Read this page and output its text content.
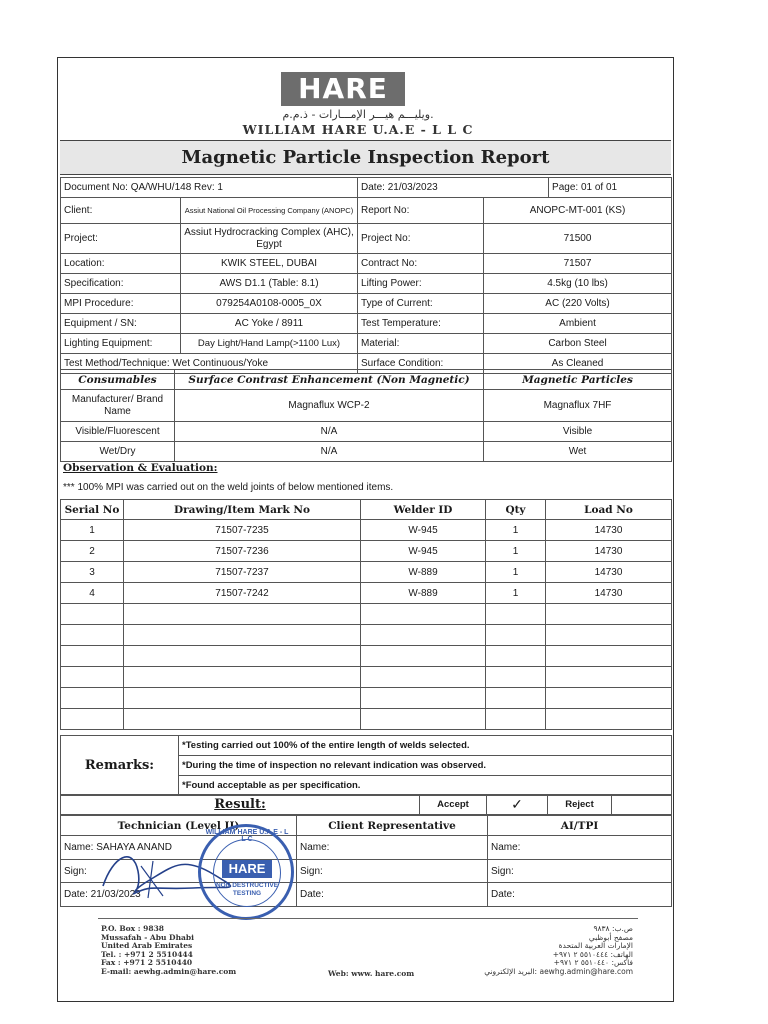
HARE
ويليـــم هيـــر الإمـــارات - ذ.م.م.
WILLIAM HARE U.A.E - L L C
Magnetic Particle Inspection Report
Document No: QA/WHU/148 Rev: 1		Date: 21/03/2023		Page: 01 of 01
Client:	Assiut National Oil Processing Company (ANOPC)	Report No:	ANOPC-MT-001 (KS)	
Project:	Assiut Hydrocracking Complex (AHC), Egypt	Project No:	71500	
Location:	KWIK STEEL, DUBAI	Contract No:	71507	
Specification:	AWS D1.1 (Table: 8.1)	Lifting Power:	4.5kg (10 lbs)	
MPI Procedure:	079254A0108-0005_0X	Type of Current:	AC (220 Volts)	
Equipment / SN:	AC Yoke / 8911	Test Temperature:	Ambient	
Lighting Equipment:	Day Light/Hand Lamp(>1100 Lux)	Material:	Carbon Steel	
Test Method/Technique: Wet Continuous/Yoke		Surface Condition:	As Cleaned	
Consumables	Surface Contrast Enhancement (Non Magnetic)	Magnetic Particles
Manufacturer/ Brand Name	Magnaflux WCP-2	Magnaflux 7HF
Visible/Fluorescent	N/A	Visible
Wet/Dry	N/A	Wet
Observation & Evaluation:
*** 100% MPI was carried out on the weld joints of below mentioned items.
Serial No	Drawing/Item Mark No	Welder ID	Qty	Load No
1	71507-7235	W-945	1	14730
2	71507-7236	W-945	1	14730
3	71507-7237	W-889	1	14730
4	71507-7242	W-889	1	14730

Remarks:	*Testing carried out 100% of the entire length of welds selected.
*During the time of inspection no relevant indication was observed.
*Found acceptable as per specification.
Result:	Accept	✓	Reject	
Technician (Level II)	Client Representative	AI/TPI
Name: SAHAYA ANAND	Name:	Name:
Sign:	Sign:	Sign:
Date: 21/03/2023	Date:	Date:
WILLIAM HARE U.A.E - L L C
HARE
NON DESTRUCTIVE TESTING
P.O. Box : 9838
Mussafah - Abu Dhabi
United Arab Emirates
Tel. : +971 2 5510444
Fax : +971 2 5510440
E-mail: aewhg.admin@hare.com	Web: www. hare.com
ص.ب: ٩٨٣٨
مصفح أبوظبي
الإمارات العربية المتحدة
الهاتف: ٥٥١٠٤٤٤ ٢ ٩٧١+
فاكس: ٥٥١٠٤٤٠ ٢ ٩٧١+
aewhg.admin@hare.com :البريد الإلكتروني
